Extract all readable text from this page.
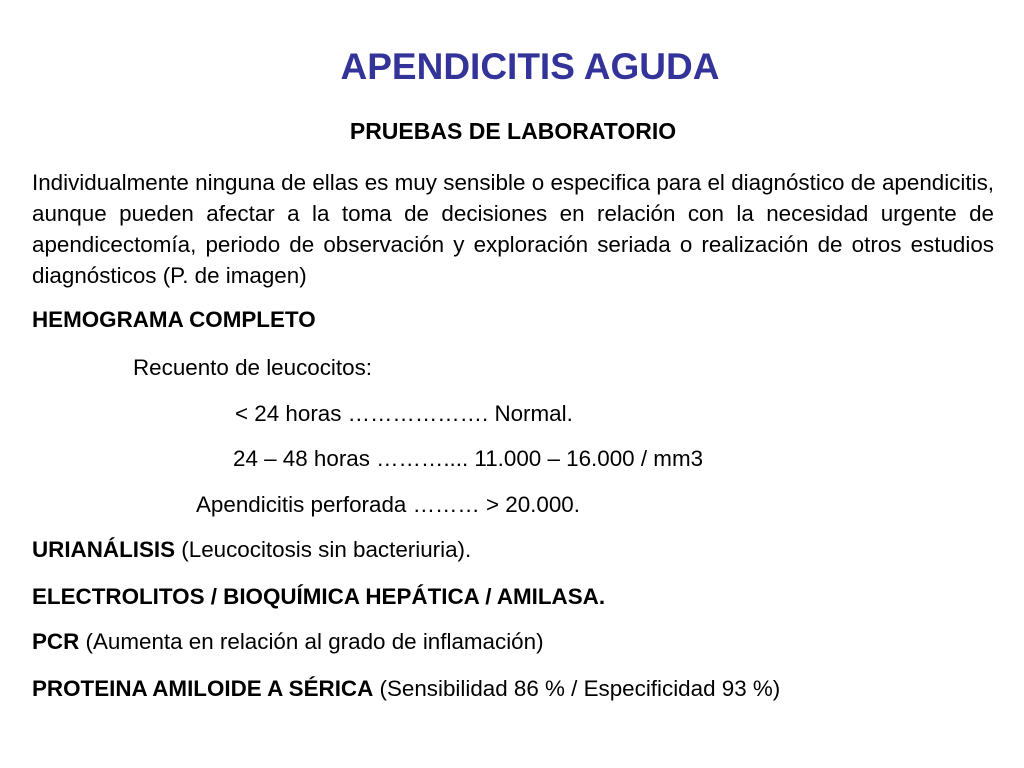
APENDICITIS AGUDA
PRUEBAS DE LABORATORIO

Individualmente ninguna de ellas es muy sensible o especifica para el diagnóstico de apendicitis, aunque pueden afectar a la toma de decisiones en relación con la necesidad urgente de apendicectomía, periodo de observación y exploración seriada o realización de otros estudios diagnósticos (P. de imagen)

HEMOGRAMA COMPLETO
Recuento de leucocitos:
< 24 horas ………………. Normal.
24 – 48 horas ……….... 11.000 – 16.000 / mm3
Apendicitis perforada ……… > 20.000.
URIANÁLISIS (Leucocitosis sin bacteriuria).
ELECTROLITOS / BIOQUÍMICA HEPÁTICA / AMILASA.
PCR (Aumenta en relación al grado de inflamación)
PROTEINA AMILOIDE A SÉRICA (Sensibilidad 86 % / Especificidad 93 %)
